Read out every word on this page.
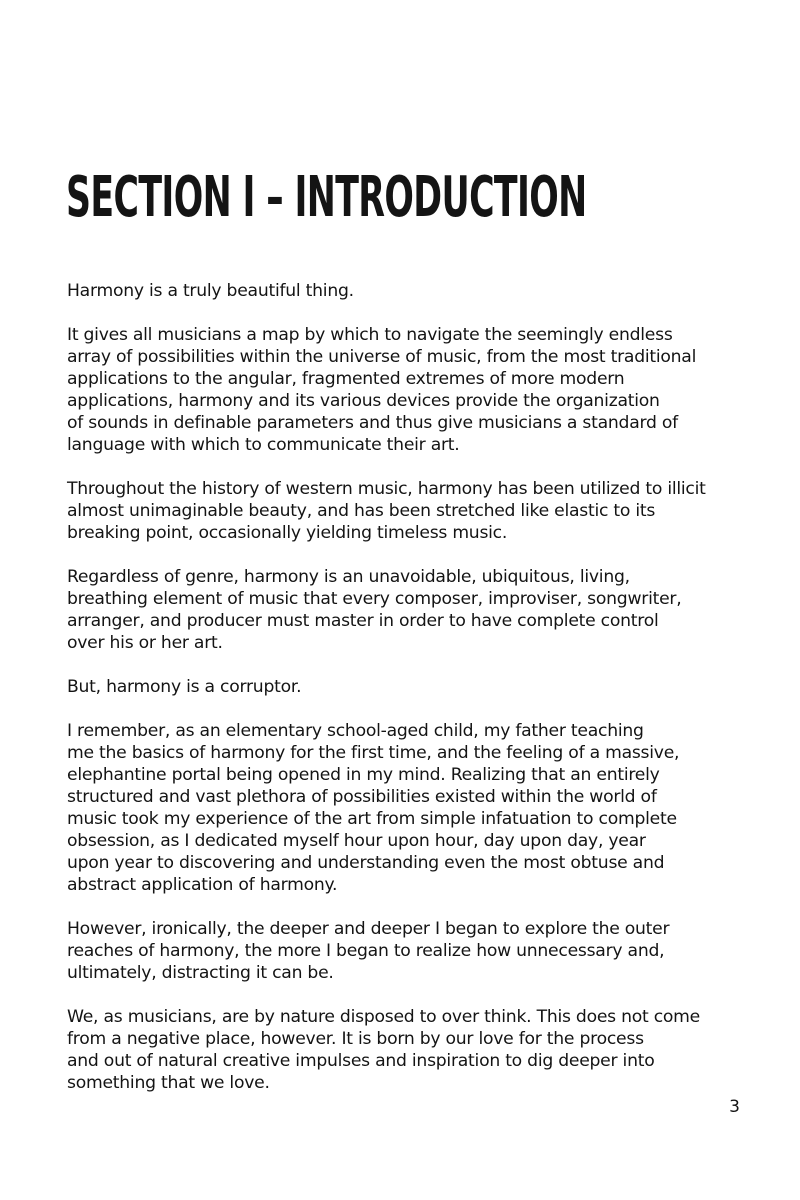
SECTION I – INTRODUCTION

Harmony is a truly beautiful thing.

It gives all musicians a map by which to navigate the seemingly endless
array of possibilities within the universe of music, from the most traditional
applications to the angular, fragmented extremes of more modern
applications, harmony and its various devices provide the organization
of sounds in definable parameters and thus give musicians a standard of
language with which to communicate their art.

Throughout the history of western music, harmony has been utilized to illicit
almost unimaginable beauty, and has been stretched like elastic to its
breaking point, occasionally yielding timeless music.

Regardless of genre, harmony is an unavoidable, ubiquitous, living,
breathing element of music that every composer, improviser, songwriter,
arranger, and producer must master in order to have complete control
over his or her art.

But, harmony is a corruptor.

I remember, as an elementary school-aged child, my father teaching
me the basics of harmony for the first time, and the feeling of a massive,
elephantine portal being opened in my mind. Realizing that an entirely
structured and vast plethora of possibilities existed within the world of
music took my experience of the art from simple infatuation to complete
obsession, as I dedicated myself hour upon hour, day upon day, year
upon year to discovering and understanding even the most obtuse and
abstract application of harmony.

However, ironically, the deeper and deeper I began to explore the outer
reaches of harmony, the more I began to realize how unnecessary and,
ultimately, distracting it can be.

We, as musicians, are by nature disposed to over think. This does not come
from a negative place, however. It is born by our love for the process
and out of natural creative impulses and inspiration to dig deeper into
something that we love.

3
